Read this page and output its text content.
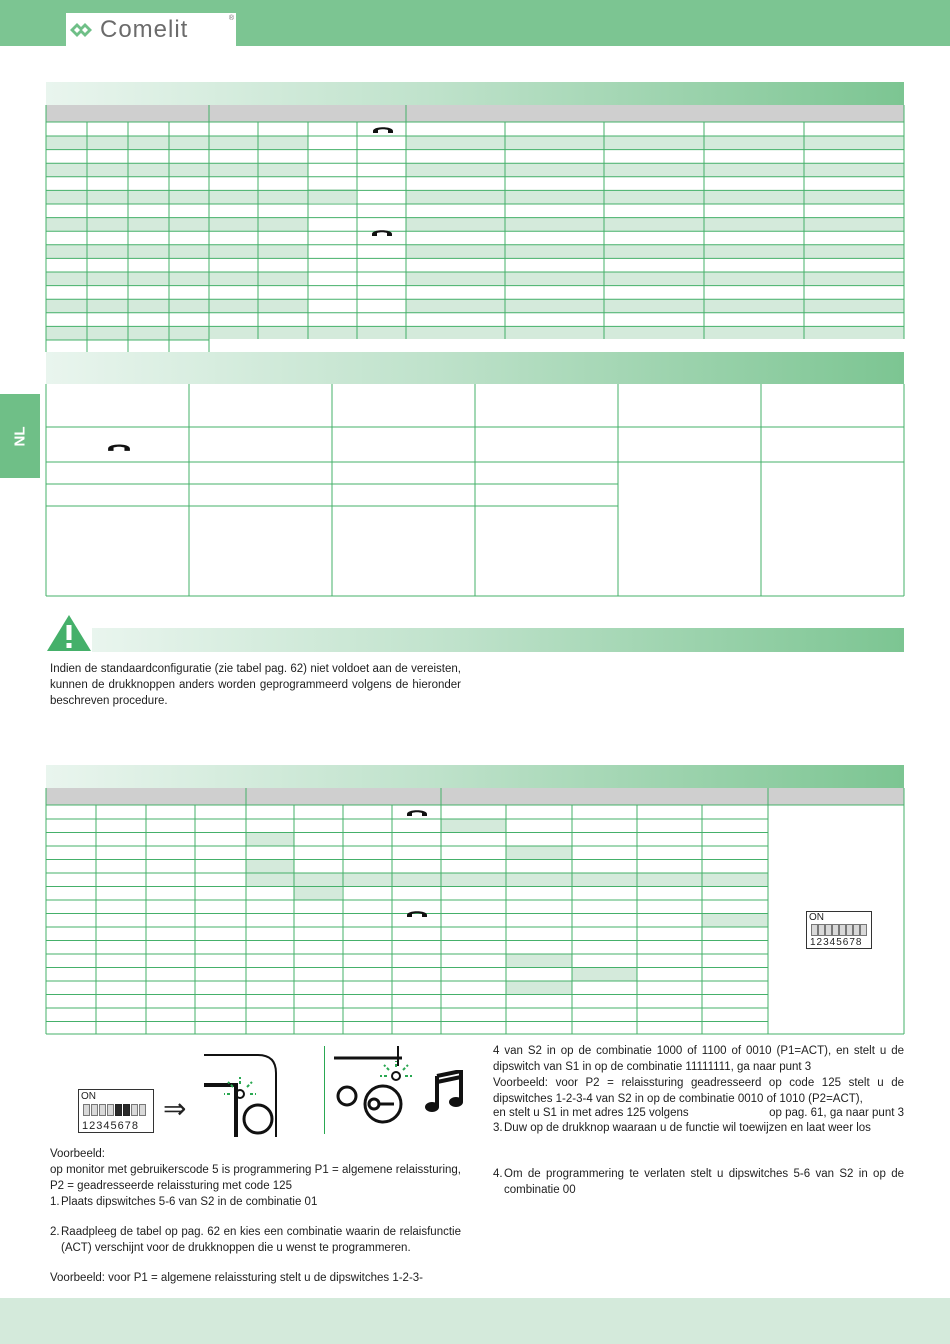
Comelit	®
NL

Indien de standaardconfiguratie (zie tabel pag. 62) niet voldoet aan de vereisten, kunnen de drukknoppen anders worden geprogrammeerd volgens de hieronder beschreven procedure.

ON
12345678
ON
12345678
⇒
Voorbeeld:
op monitor met gebruikerscode 5 is programmering P1 = algemene relaissturing, P2 = geadresseerde relaissturing met code 125
1. Plaats dipswitches 5-6 van S2 in de combinatie 01
2. Raadpleeg de tabel op pag. 62 en kies een combinatie waarin de relaisfunctie (ACT) verschijnt voor de drukknoppen die u wenst te programmeren.
Voorbeeld: voor P1 = algemene relaissturing stelt u de dipswitches 1-2-3-
4 van S2 in op de combinatie 1000 of 1100 of 0010 (P1=ACT), en stelt u de dipswitch van S1 in op de combinatie 11111111, ga naar punt 3
Voorbeeld: voor P2 = relaissturing geadresseerd op code 125 stelt u de dipswitches 1-2-3-4 van S2 in op de combinatie 0010 of 1010 (P2=ACT),
en stelt u S1 in met adres 125 volgens	op pag. 61, ga naar punt 3
3. Duw op de drukknop waaraan u de functie wil toewijzen en laat weer los
4. Om de programmering te verlaten stelt u dipswitches 5-6 van S2 in op de combinatie 00
